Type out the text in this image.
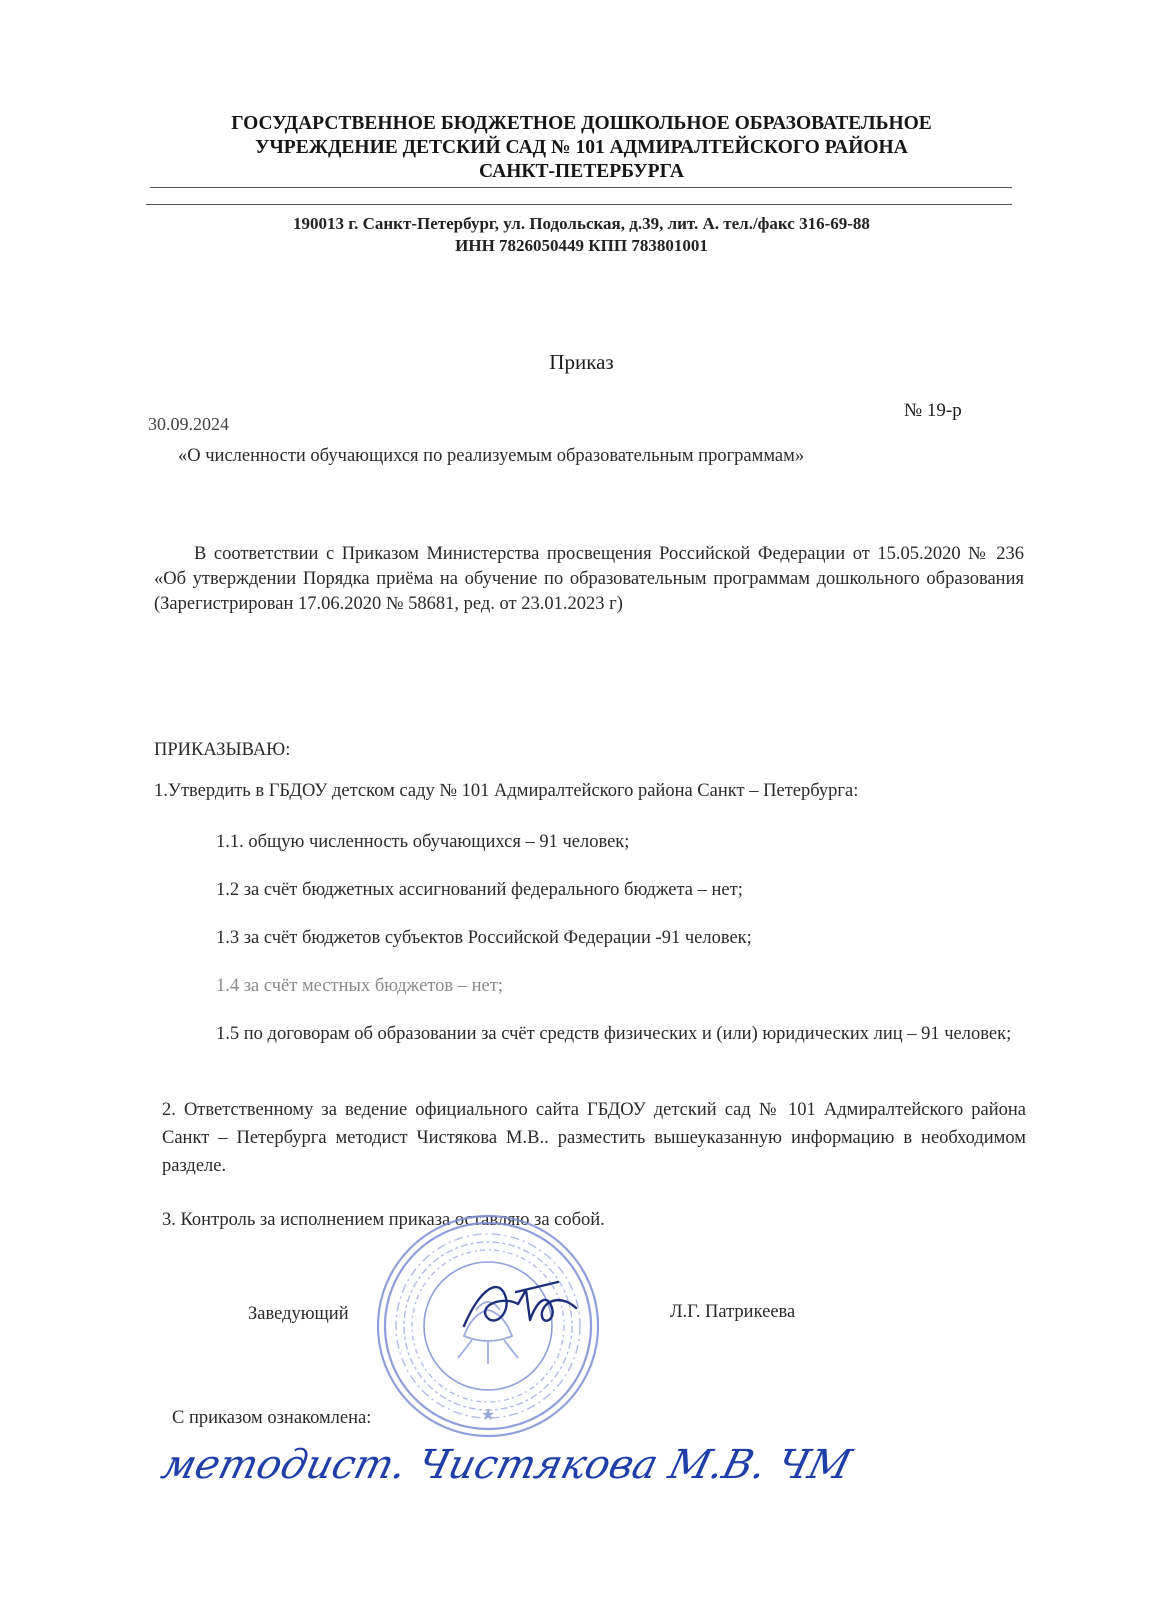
ГОСУДАРСТВЕННОЕ БЮДЖЕТНОЕ ДОШКОЛЬНОЕ ОБРАЗОВАТЕЛЬНОЕ
УЧРЕЖДЕНИЕ ДЕТСКИЙ САД № 101 АДМИРАЛТЕЙСКОГО РАЙОНА
САНКТ-ПЕТЕРБУРГА
190013 г. Санкт-Петербург, ул. Подольская, д.39, лит. А. тел./факс 316-69-88
ИНН 7826050449 КПП 783801001
Приказ
30.09.2024
№ 19-р
«О численности обучающихся по реализуемым образовательным программам»
В соответствии с Приказом Министерства просвещения Российской Федерации от 15.05.2020 № 236 «Об утверждении Порядка приёма на обучение по образовательным программам дошкольного образования (Зарегистрирован 17.06.2020 № 58681, ред. от 23.01.2023 г)
ПРИКАЗЫВАЮ:
1.Утвердить в ГБДОУ детском саду № 101 Адмиралтейского района Санкт – Петербурга:
1.1. общую численность обучающихся – 91 человек;
1.2 за счёт бюджетных ассигнований федерального бюджета – нет;
1.3 за счёт бюджетов субъектов Российской Федерации -91 человек;
1.4 за счёт местных бюджетов – нет;
1.5 по договорам об образовании за счёт средств физических и (или) юридических лиц – 91 человек;
2. Ответственному за ведение официального сайта ГБДОУ детский сад № 101 Адмиралтейского района Санкт – Петербурга методист Чистякова М.В.. разместить вышеуказанную информацию в необходимом разделе.
3. Контроль за исполнением приказа оставляю за собой.
★
Заведующий	Л.Г. Патрикеева
С приказом ознакомлена:
методист. Чистякова М.В. ЧМ
